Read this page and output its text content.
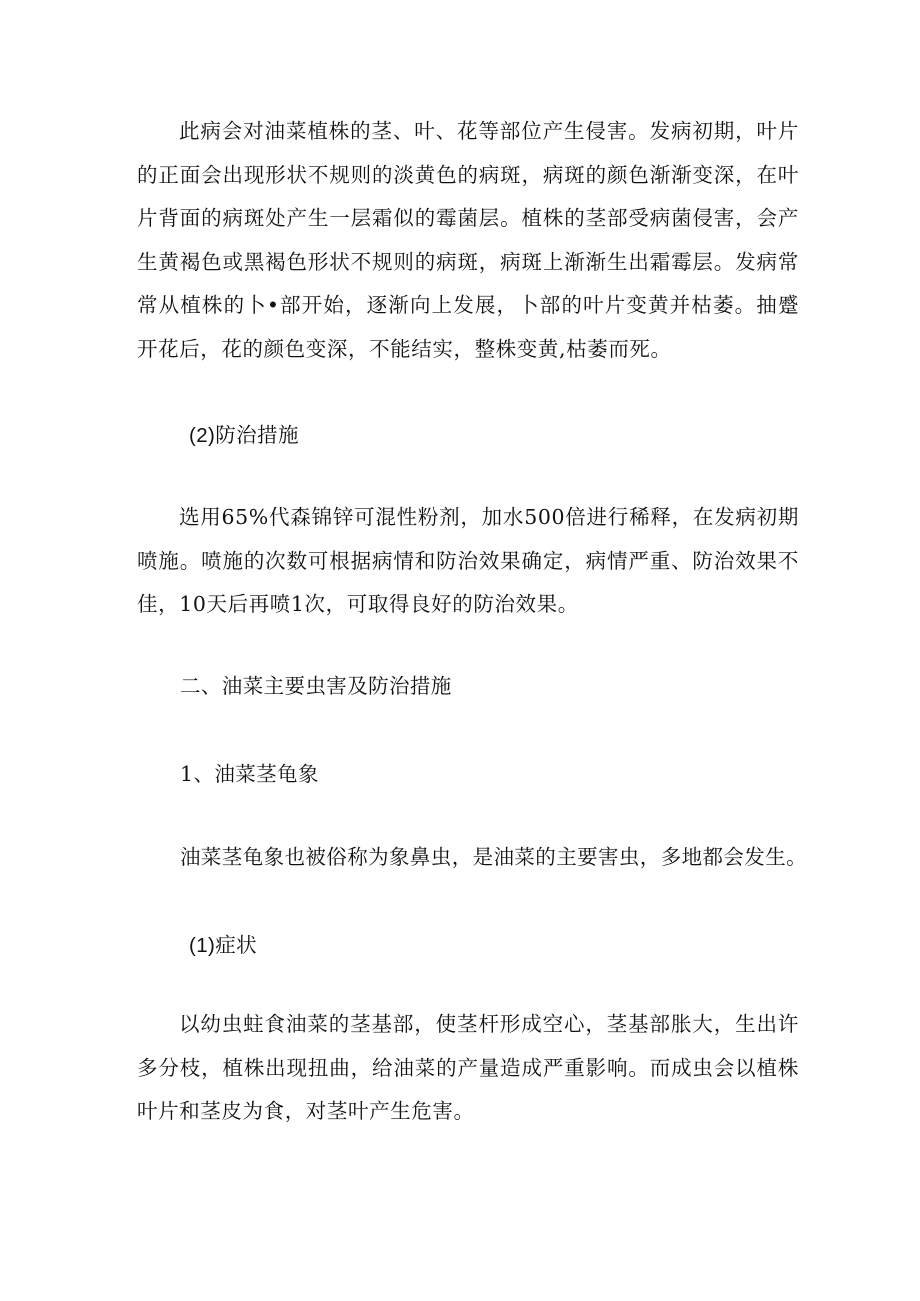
此病会对油菜植株的茎、叶、花等部位产生侵害。发病初期，叶片的正面会出现形状不规则的淡黄色的病斑，病斑的颜色渐渐变深，在叶片背面的病斑处产生一层霜似的霉菌层。植株的茎部受病菌侵害，会产生黄褐色或黑褐色形状不规则的病斑，病斑上渐渐生出霜霉层。发病常常从植株的卜•部开始，逐渐向上发展，卜部的叶片变黄并枯萎。抽蹙开花后，花的颜色变深，不能结实，整株变黄,枯萎而死。

(2)防治措施

选用65%代森锦锌可混性粉剂，加水500倍进行稀释，在发病初期喷施。喷施的次数可根据病情和防治效果确定，病情严重、防治效果不佳，10天后再喷1次，可取得良好的防治效果。

二、油菜主要虫害及防治措施

1、油菜茎龟象

油菜茎龟象也被俗称为象鼻虫，是油菜的主要害虫，多地都会发生。

(1)症状

以幼虫蛀食油菜的茎基部，使茎杆形成空心，茎基部胀大，生出许多分枝，植株出现扭曲，给油菜的产量造成严重影响。而成虫会以植株叶片和茎皮为食，对茎叶产生危害。
